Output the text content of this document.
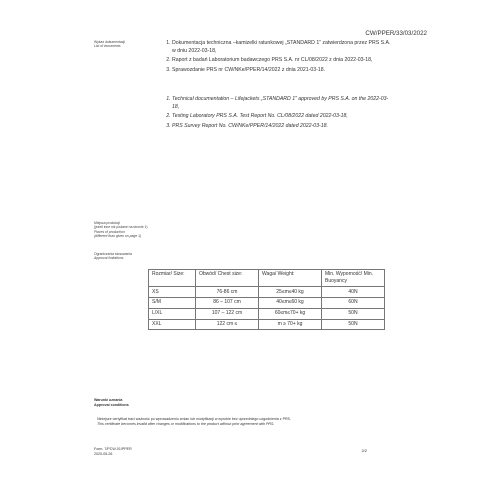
CW/PPER/33/03/2022
Wykaz dokumentacji
List of documents
1. Dokumentacja techniczna –kamizelki ratunkowej „STANDARD 1” zatwierdzona przez PRS S.A. w dniu 2022-03-18,
2. Raport z badań Laboratorium badawczego PRS S.A. nr CL/08/2022 z dnia 2022-03-18,
3. Sprawozdanie PRS nr CW/NKe/PPER/14/2022 z dnia 2021-03-18.
1. Technical documentation – Lifejackets „STANDARD 1” approved by PRS S.A. on the 2022-03-18,
2. Testing Laboratory PRS S.A. Test Report No. CL/08/2022 dated 2022-03-18,
3. PRS Survey Report No. CW/NKe/PPER/14/2022 dated 2022-03-18.
Miejsca produkcji
(jeżeli inne niż podane na stronie 1)
Places of production
(different than given on page 1)
Ograniczenia stosowania
Approval limitations
Rozmiar/ Size:	Obwód/ Chest size:	Waga/ Weight:	Min. Wyporność/ Min. Buoyancy
XS	76-86 cm	25≤m≤40 kg	40N
S/M	86 – 107 cm	40≤m≤60 kg	60N
L/XL	107 – 122 cm	60≤m≤70+ kg	50N
XXL	122 cm ≤	m ≥ 70+ kg	50N
Warunki uznania
Approval conditions
Niniejsze certyfikat traci ważność po wprowadzeniu zmian lub modyfikacji w wyrobie bez uprzedniego uzgodnienia z PRS.
This certificate becomes invalid after changes or modifications to the product without prior agreement with PRS.
Form. 7/PCW-01/PPER
2020-05-26
2/2
